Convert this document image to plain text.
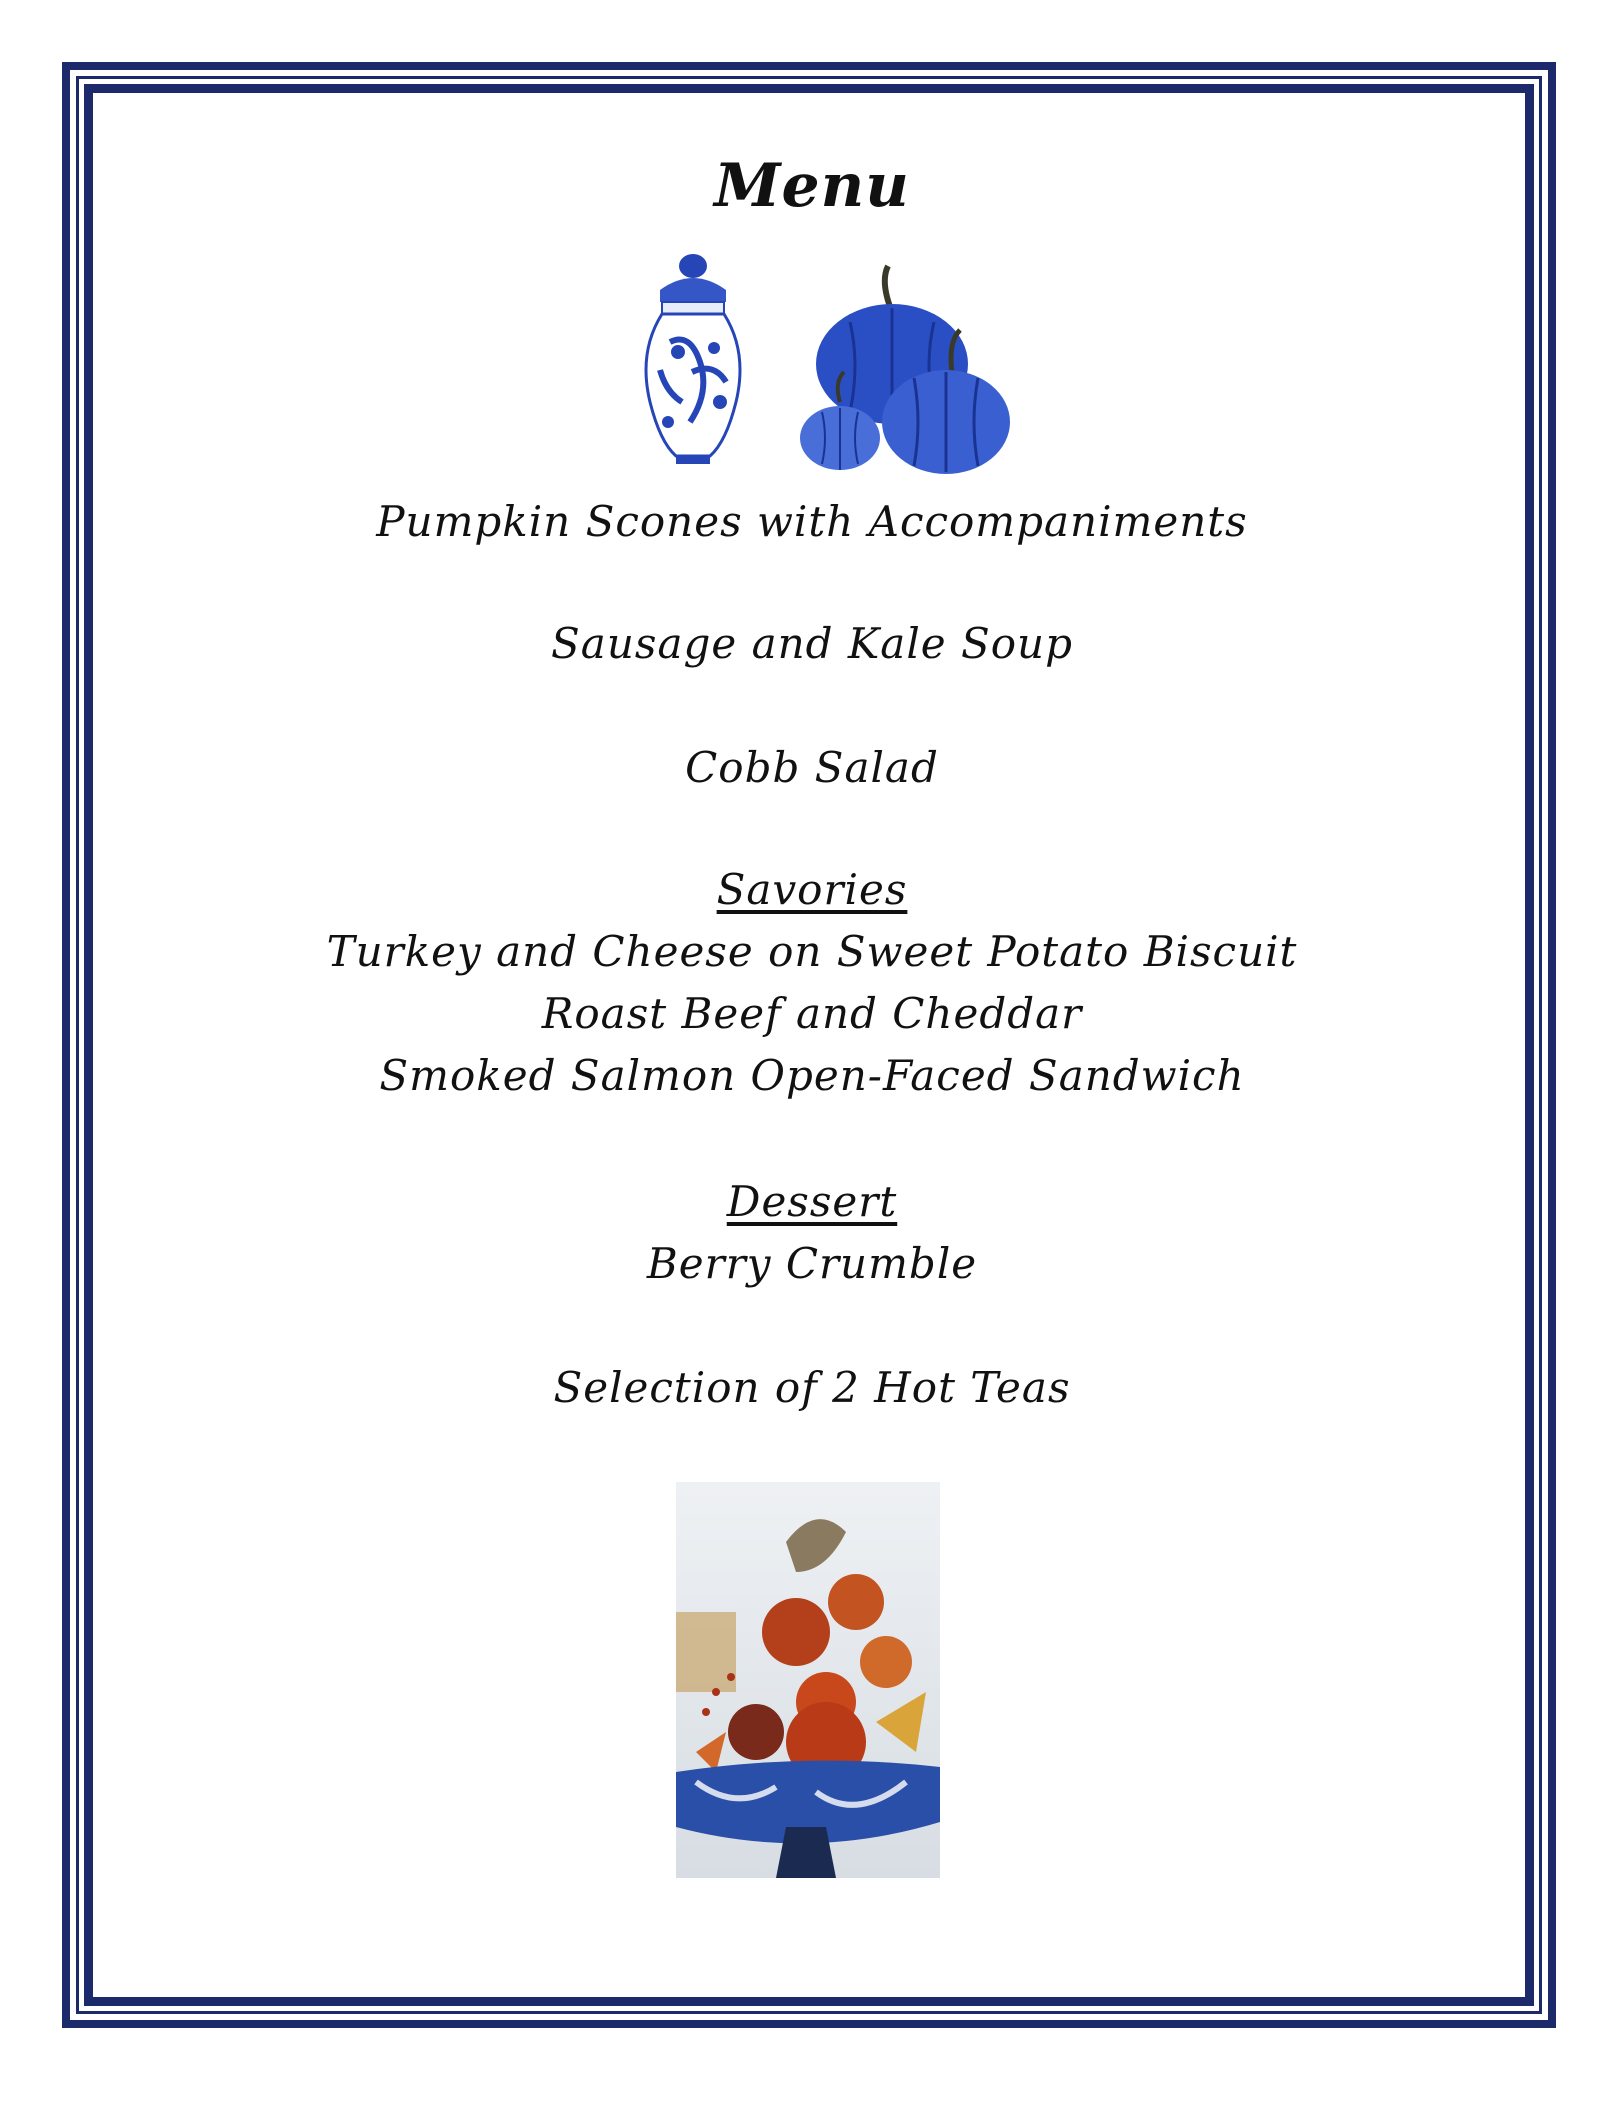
Menu
Pumpkin Scones with Accompaniments
Sausage and Kale Soup
Cobb Salad
Savories
Turkey and Cheese on Sweet Potato Biscuit
Roast Beef and Cheddar
Smoked Salmon Open-Faced Sandwich
Dessert
Berry Crumble
Selection of 2 Hot Teas
